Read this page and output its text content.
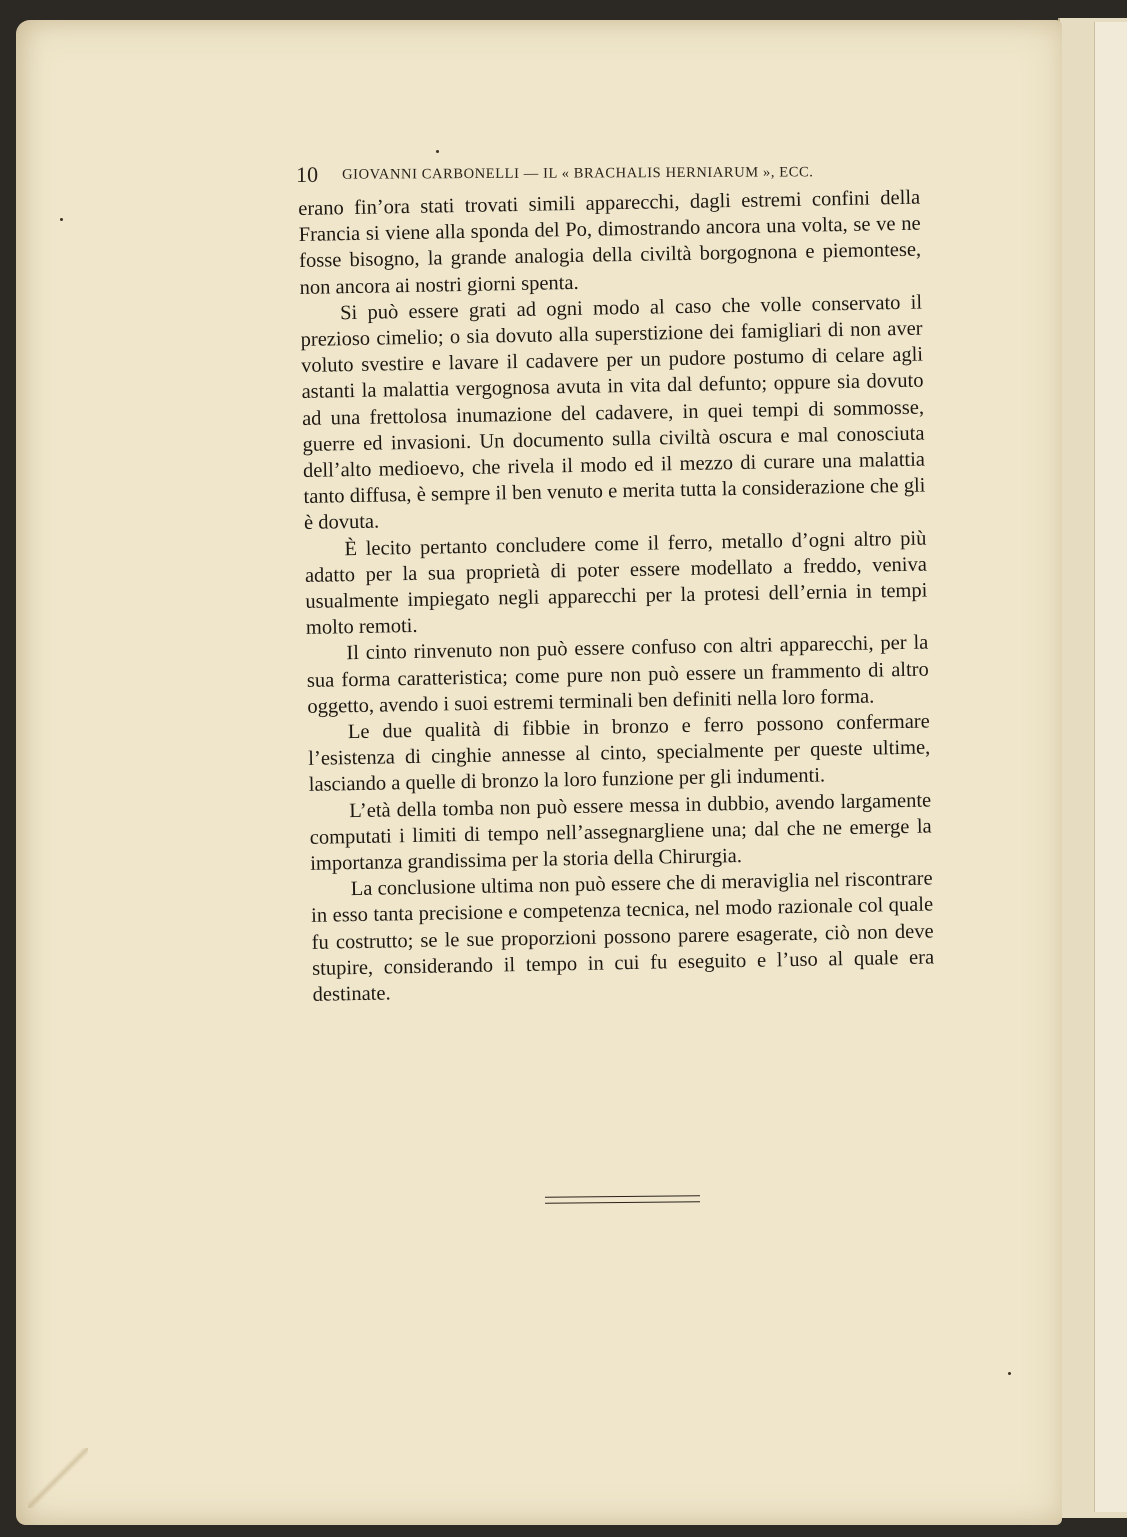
10 GIOVANNI CARBONELLI — IL « BRACHALIS HERNIARUM », ECC.

erano fin’ora stati trovati simili apparecchi, dagli estremi confini della Francia si viene alla sponda del Po, dimostrando ancora una volta, se ve ne fosse bisogno, la grande analogia della civiltà borgognona e piemontese, non ancora ai nostri giorni spenta.

Si può essere grati ad ogni modo al caso che volle conservato il prezioso cimelio; o sia dovuto alla superstizione dei famigliari di non aver voluto svestire e lavare il cadavere per un pudore postumo di celare agli astanti la malattia vergognosa avuta in vita dal defunto; oppure sia dovuto ad una frettolosa inumazione del cadavere, in quei tempi di sommosse, guerre ed invasioni. Un documento sulla civiltà oscura e mal conosciuta dell’alto medioevo, che rivela il modo ed il mezzo di curare una malattia tanto diffusa, è sempre il ben venuto e merita tutta la considerazione che gli è dovuta.

È lecito pertanto concludere come il ferro, metallo d’ogni altro più adatto per la sua proprietà di poter essere modellato a freddo, veniva usualmente impiegato negli apparecchi per la protesi dell’ernia in tempi molto remoti.

Il cinto rinvenuto non può essere confuso con altri apparecchi, per la sua forma caratteristica; come pure non può essere un frammento di altro oggetto, avendo i suoi estremi terminali ben definiti nella loro forma.

Le due qualità di fibbie in bronzo e ferro possono confermare l’esistenza di cinghie annesse al cinto, specialmente per queste ultime, lasciando a quelle di bronzo la loro funzione per gli indumenti.

L’età della tomba non può essere messa in dubbio, avendo largamente computati i limiti di tempo nell’assegnargliene una; dal che ne emerge la importanza grandissima per la storia della Chirurgia.

La conclusione ultima non può essere che di meraviglia nel riscontrare in esso tanta precisione e competenza tecnica, nel modo razionale col quale fu costrutto; se le sue proporzioni possono parere esagerate, ciò non deve stupire, considerando il tempo in cui fu eseguito e l’uso al quale era destinate.
